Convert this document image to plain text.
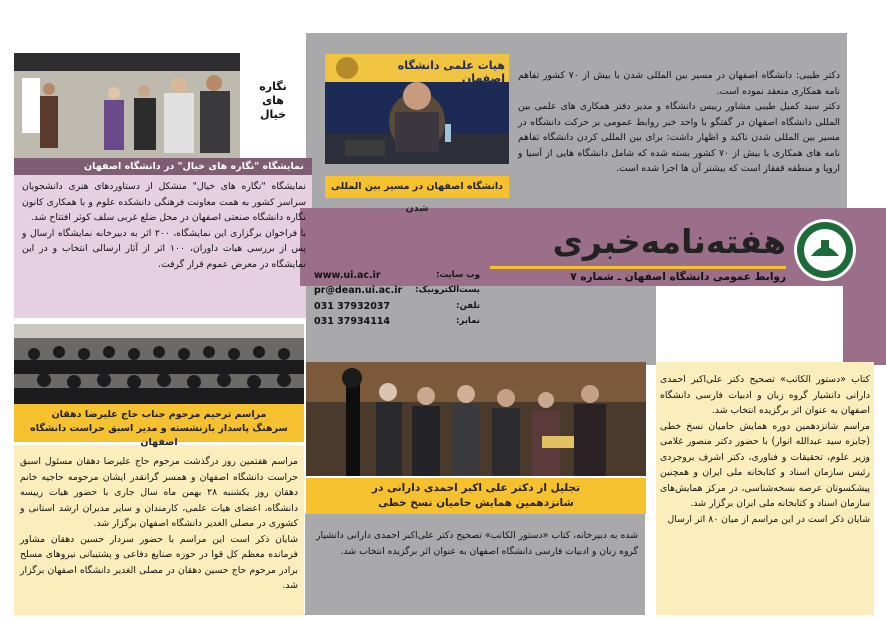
هیات علمی دانشگاه اصفهان
دانشگاه اصفهان در مسیر بین المللی شدن

دکتر طیبی: دانشگاه اصفهان در مسیر بین المللی شدن با بیش از ۷۰ کشور تفاهم نامه همکاری منعقد نموده است.

دکتر سید کمیل طیبی مشاور رییس دانشگاه و مدیر دفتر همکاری های علمی بین المللی دانشگاه اصفهان در گفتگو با واحد خبر روابط عمومی بر حرکت دانشگاه در مسیر بین المللی شدن تاکید و اظهار داشت: برای بین المللی کردن دانشگاه تفاهم نامه های همکاری با بیش از ۷۰ کشور بسته شده که شامل دانشگاه هایی از آسیا و اروپا و منطقه قفقاز است که بیشتر آن ها اجرا شده است.

نگاره
های
خیال
نمایشگاه "نگاره های خیال" در دانشگاه اصفهان

نمایشگاه "نگاره های خیال" متشکل از دستاوردهای هنری دانشجویان سراسر کشور به همت معاونت فرهنگی دانشکده علوم و با همکاری کانون نگاره دانشگاه صنعتی اصفهان در محل ضلع غربی سلف کوثر افتتاح شد.

با فراخوان برگزاری این نمایشگاه، ۲۰۰ اثر به دبیرخانه نمایشگاه ارسال و پس از بررسی هیات داوران، ۱۰۰ اثر از آثار ارسالی انتخاب و در این نمایشگاه در معرض عموم قرار گرفت.	اصفهان
هفته‌نامه‌خبری
روابط عمومی دانشگاه اصفهان ـ شماره ۷
وب سایت:
پست‌الکترونیک:
تلفن:
نمابر:
www.ui.ac.ir
pr@dean.ui.ac.ir
031 37932037
031 37934114
مراسم ترحیم مرحوم جناب حاج علیرضا دهقان
سرهنگ پاسدار بازنشسته و مدیر اسبق حراست دانشگاه اصفهان

مراسم هفتمین روز درگذشت مرحوم حاج علیرضا دهقان مسئول اسبق حراست دانشگاه اصفهان و همسر گرانقدر ایشان مرحومه حاجیه خانم دهقان روز یکشنبه ۲۸ بهمن ماه سال جاری با حضور هیات رییسه دانشگاه، اعضای هیات علمی، کارمندان و سایر مدیران ارشد استانی و کشوری در مصلی الغدیر دانشگاه اصفهان برگزار شد.

شایان ذکر است این مراسم با حضور سردار حسین دهقان مشاور فرمانده معظم کل قوا در حوزه صنایع دفاعی و پشتیبانی نیروهای مسلح برادر مرحوم حاج حسین دهقان در مصلی الغدیر دانشگاه اصفهان برگزار شد.

تجلیل از دکتر علی اکبر احمدی دارانی در
شانزدهمین همایش حامیان نسخ خطی

شده به دبیرخانه، کتاب «دستور الکاتب» تصحیح دکتر علی‌اکبر احمدی دارانی دانشیار گروه زبان و ادبیات فارسی دانشگاه اصفهان به عنوان اثر برگزیده انتخاب شد.

کتاب «دستور الکاتب» تصحیح دکتر علی‌اکبر احمدی دارانی دانشیار گروه زبان و ادبیات فارسی دانشگاه اصفهان به عنوان اثر برگزیده انتخاب شد.

مراسم شانزدهمین دوره همایش حامیان نسخ خطی (جایزه سید عبدالله انوار) با حضور دکتر منصور غلامی وزیر علوم، تحقیقات و فناوری، دکتر اشرف بروجردی رئیس سازمان اسناد و کتابخانه ملی ایران و همچنین پیشکسوتان عرصه نسخه‌شناسی، در مرکز همایش‌های سازمان اسناد و کتابخانه ملی ایران برگزار شد.

شایان ذکر است در این مراسم از میان ۸۰ اثر ارسال
